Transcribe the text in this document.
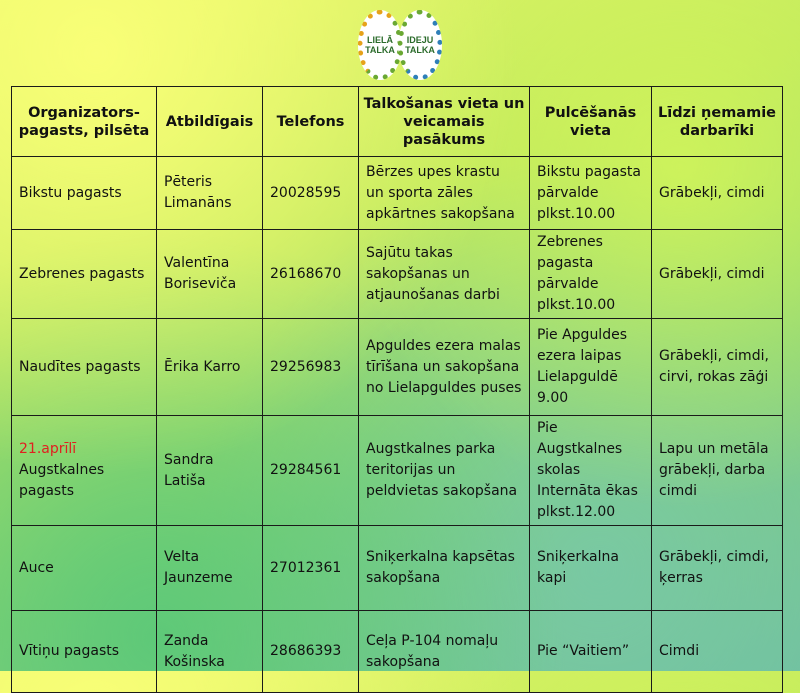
LIELĀ
TALKA
IDEJU
TALKA
Organizators-pagasts, pilsēta	Atbildīgais	Telefons	Talkošanas vieta un veicamais pasākums	Pulcēšanās vieta	Līdzi ņemamie darbarīki
Bikstu pagasts	Pēteris Limanāns	20028595	Bērzes upes krastu un sporta zāles apkārtnes sakopšana	Bikstu pagasta pārvalde plkst.10.00	Grābekļi, cimdi
Zebrenes pagasts	Valentīna Boriseviča	26168670	Sajūtu takas sakopšanas un atjaunošanas darbi	Zebrenes pagasta pārvalde plkst.10.00	Grābekļi, cimdi
Naudītes pagasts	Ērika Karro	29256983	Apguldes ezera malas tīrīšana un sakopšana no Lielapguldes puses	Pie Apguldes ezera laipas Lielapguldē 9.00	Grābekļi, cimdi, cirvi, rokas zāģi

21.aprīlī
Augstkalnes pagasts	Sandra Latiša	29284561	Augstkalnes parka teritorijas un peldvietas sakopšana	Pie Augstkalnes skolas Internāta ēkas plkst.12.00	Lapu un metāla grābekļi, darba cimdi
Auce	Velta Jaunzeme	27012361	Sniķerkalna kapsētas sakopšana	Sniķerkalna kapi	Grābekļi, cimdi, ķerras
Vītiņu pagasts	Zanda Košinska	28686393	Ceļa P-104 nomaļu sakopšana	Pie “Vaitiem”	Cimdi
